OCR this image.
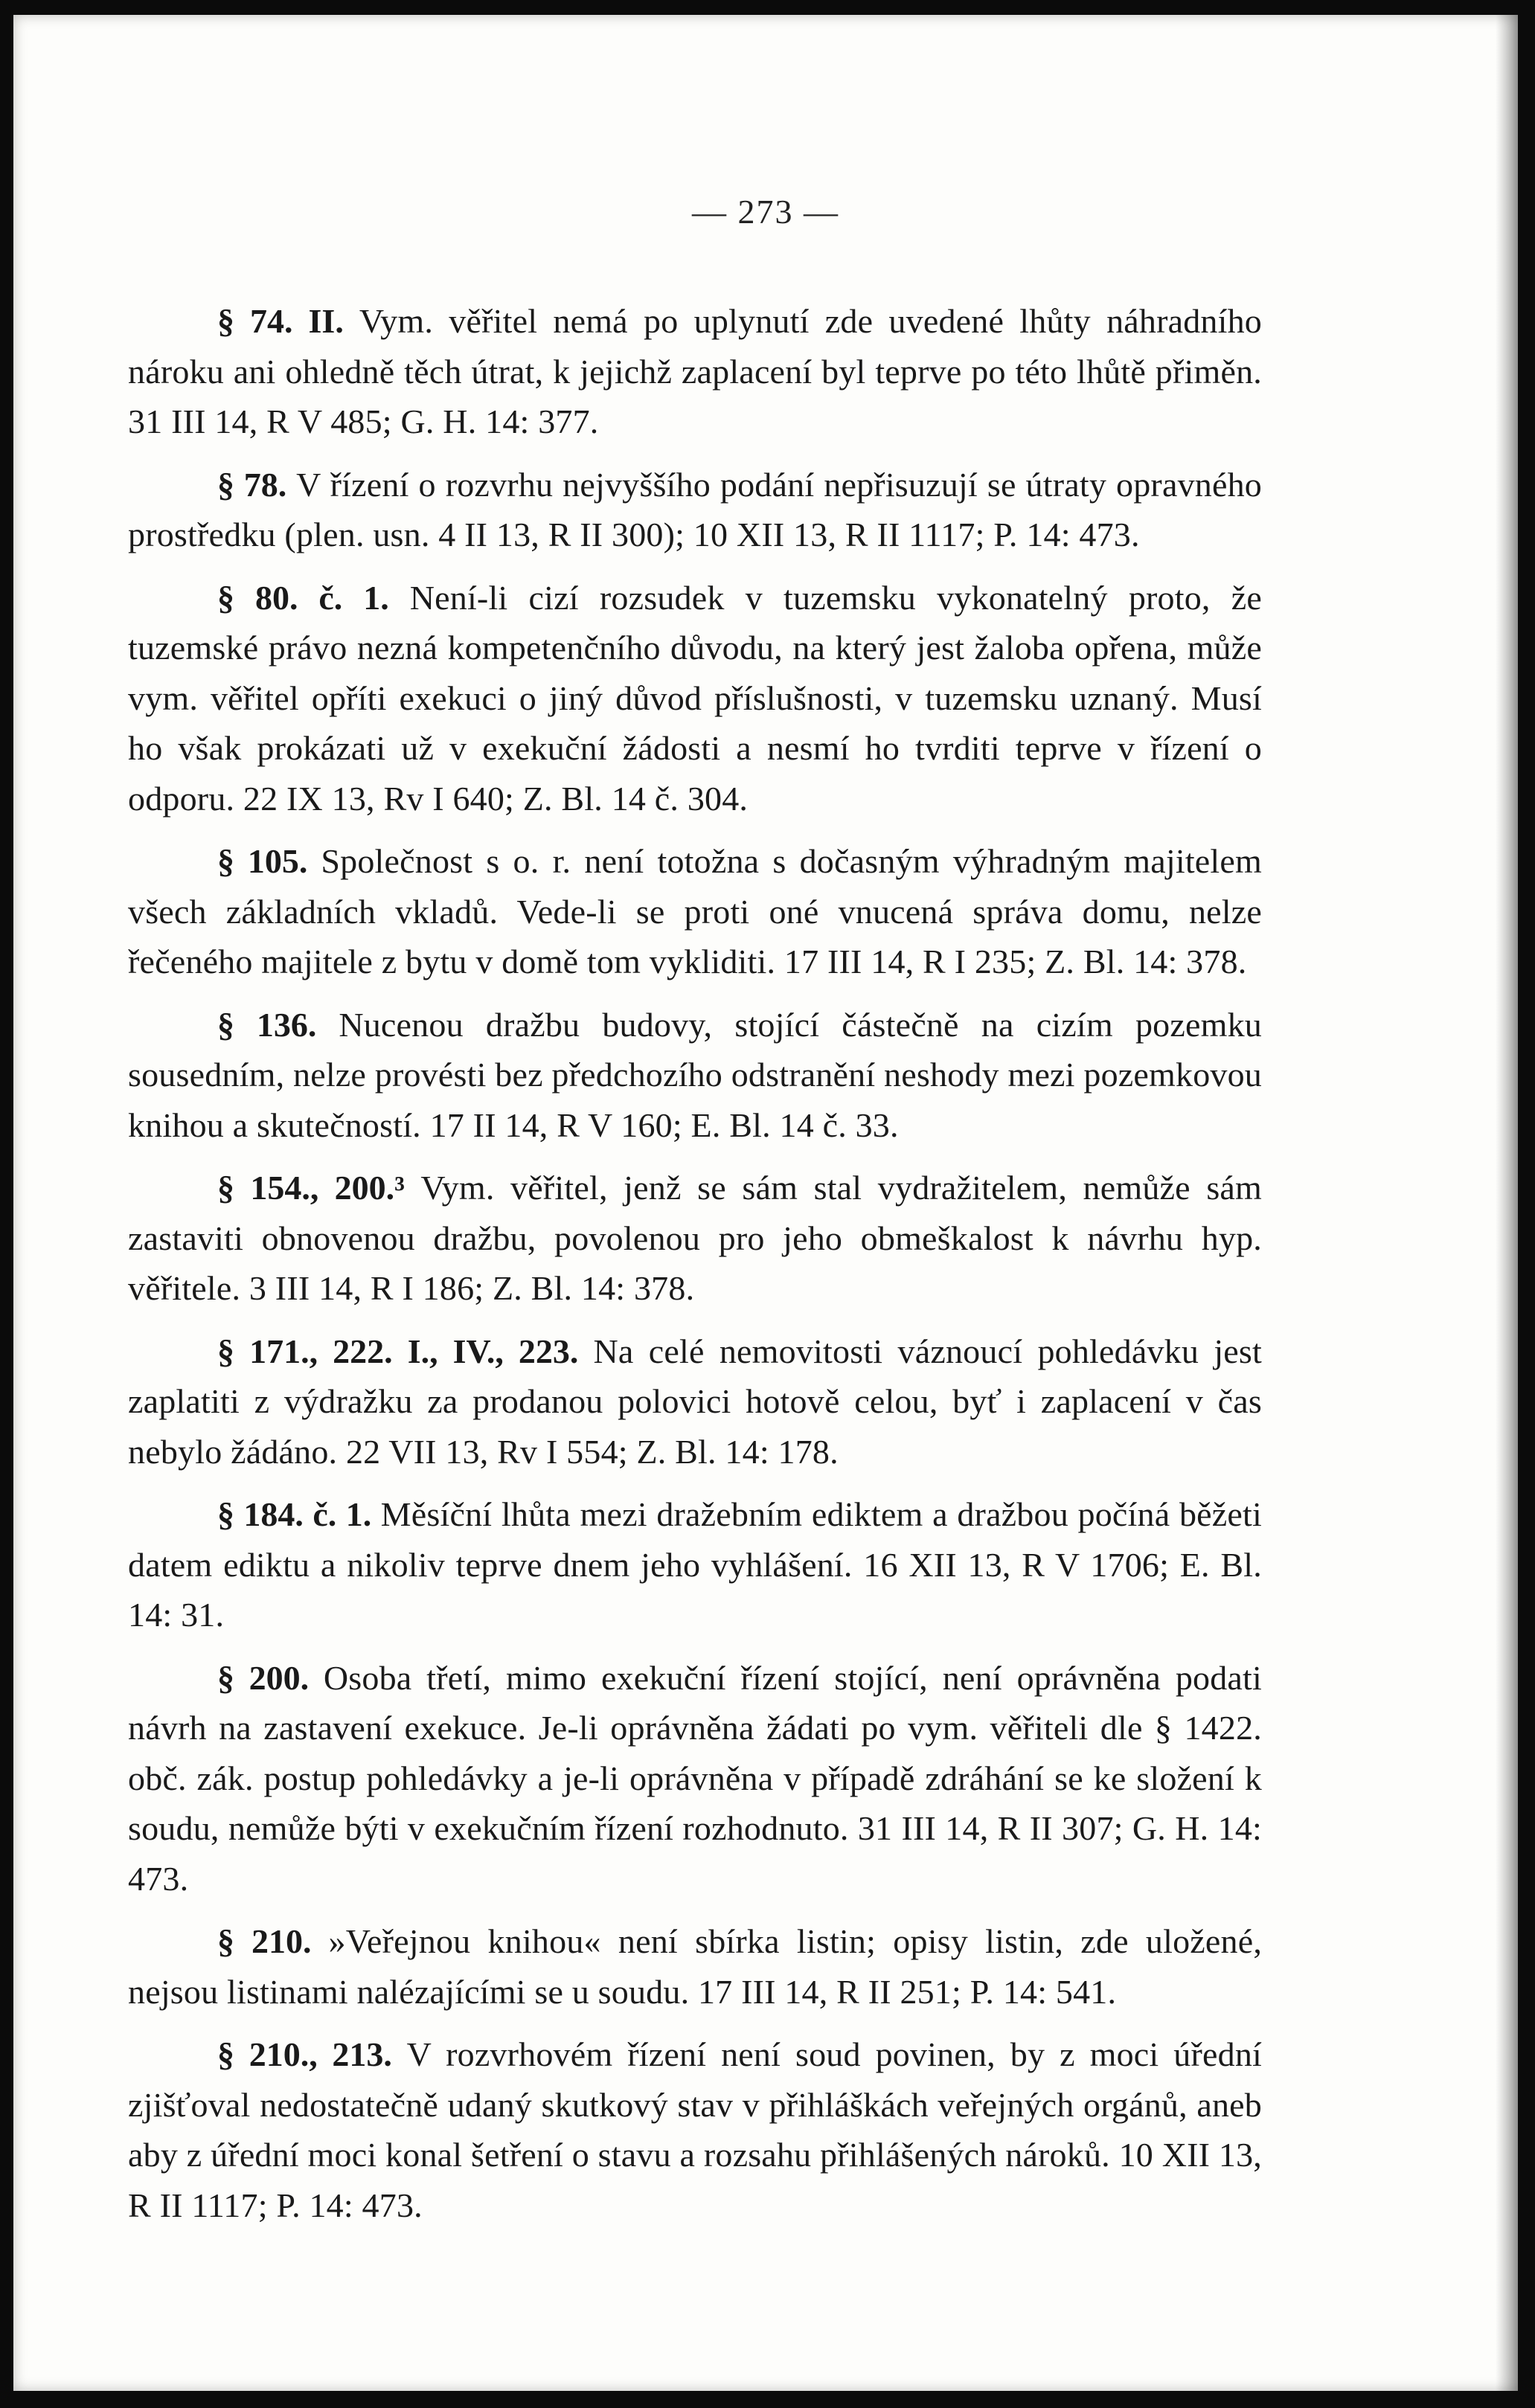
— 273 —

§ 74. II. Vym. věřitel nemá po uplynutí zde uvedené lhůty náhradního nároku ani ohledně těch útrat, k jejichž zaplacení byl teprve po této lhůtě přiměn. 31 III 14, R V 485; G. H. 14: 377.

§ 78. V řízení o rozvrhu nejvyššího podání nepřisuzují se útraty opravného prostředku (plen. usn. 4 II 13, R II 300); 10 XII 13, R II 1117; P. 14: 473.

§ 80. č. 1. Není-li cizí rozsudek v tuzemsku vykonatelný proto, že tuzemské právo nezná kompetenčního důvodu, na který jest žaloba opřena, může vym. věřitel opříti exekuci o jiný důvod příslušnosti, v tuzemsku uznaný. Musí ho však prokázati už v exekuční žádosti a nesmí ho tvrditi teprve v řízení o odporu. 22 IX 13, Rv I 640; Z. Bl. 14 č. 304.

§ 105. Společnost s o. r. není totožna s dočasným výhradným majitelem všech základních vkladů. Vede-li se proti oné vnucená správa domu, nelze řečeného majitele z bytu v domě tom vykliditi. 17 III 14, R I 235; Z. Bl. 14: 378.

§ 136. Nucenou dražbu budovy, stojící částečně na cizím pozemku sousedním, nelze provésti bez předchozího odstranění neshody mezi pozemkovou knihou a skutečností. 17 II 14, R V 160; E. Bl. 14 č. 33.

§ 154., 200.³ Vym. věřitel, jenž se sám stal vydražitelem, nemůže sám zastaviti obnovenou dražbu, povolenou pro jeho obmeškalost k návrhu hyp. věřitele. 3 III 14, R I 186; Z. Bl. 14: 378.

§ 171., 222. I., IV., 223. Na celé nemovitosti váznoucí pohledávku jest zaplatiti z výdražku za prodanou polovici hotově celou, byť i zaplacení v čas nebylo žádáno. 22 VII 13, Rv I 554; Z. Bl. 14: 178.

§ 184. č. 1. Měsíční lhůta mezi dražebním ediktem a dražbou počíná běžeti datem ediktu a nikoliv teprve dnem jeho vyhlášení. 16 XII 13, R V 1706; E. Bl. 14: 31.

§ 200. Osoba třetí, mimo exekuční řízení stojící, není oprávněna podati návrh na zastavení exekuce. Je-li oprávněna žádati po vym. věřiteli dle § 1422. obč. zák. postup pohledávky a je-li oprávněna v případě zdráhání se ke složení k soudu, nemůže býti v exekučním řízení rozhodnuto. 31 III 14, R II 307; G. H. 14: 473.

§ 210. »Veřejnou knihou« není sbírka listin; opisy listin, zde uložené, nejsou listinami nalézajícími se u soudu. 17 III 14, R II 251; P. 14: 541.

§ 210., 213. V rozvrhovém řízení není soud povinen, by z moci úřední zjišťoval nedostatečně udaný skutkový stav v přihláškách veřejných orgánů, aneb aby z úřední moci konal šetření o stavu a rozsahu přihlášených nároků. 10 XII 13, R II 1117; P. 14: 473.
